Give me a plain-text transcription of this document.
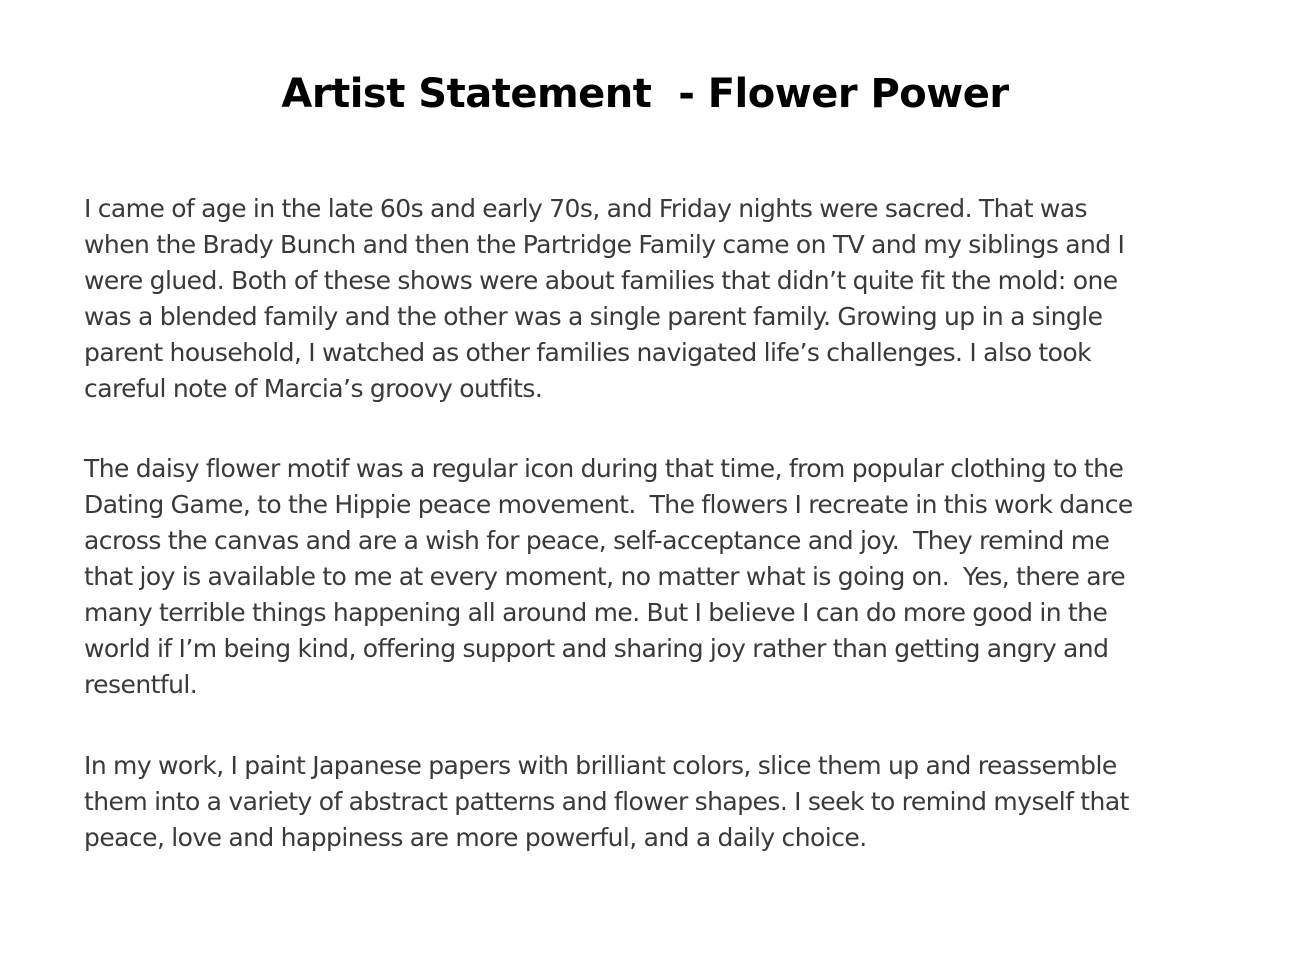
Artist Statement  - Flower Power

I came of age in the late 60s and early 70s, and Friday nights were sacred. That was
when the Brady Bunch and then the Partridge Family came on TV and my siblings and I
were glued. Both of these shows were about families that didn’t quite fit the mold: one
was a blended family and the other was a single parent family. Growing up in a single
parent household, I watched as other families navigated life’s challenges. I also took
careful note of Marcia’s groovy outfits.

The daisy flower motif was a regular icon during that time, from popular clothing to the
Dating Game, to the Hippie peace movement.  The flowers I recreate in this work dance
across the canvas and are a wish for peace, self-acceptance and joy.  They remind me
that joy is available to me at every moment, no matter what is going on.  Yes, there are
many terrible things happening all around me. But I believe I can do more good in the
world if I’m being kind, offering support and sharing joy rather than getting angry and
resentful.

In my work, I paint Japanese papers with brilliant colors, slice them up and reassemble
them into a variety of abstract patterns and flower shapes. I seek to remind myself that
peace, love and happiness are more powerful, and a daily choice.
